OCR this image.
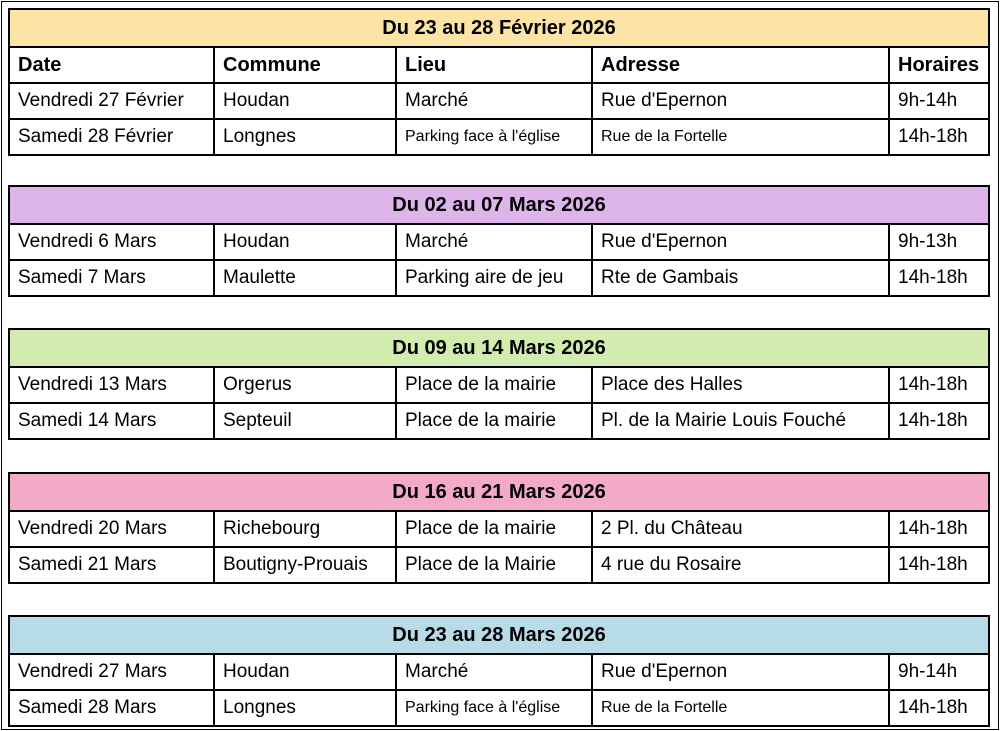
Du 23 au 28 Février 2026
Date	Commune	Lieu	Adresse	Horaires
Vendredi 27 Février	Houdan	Marché	Rue d'Epernon	9h-14h
Samedi 28 Février	Longnes	Parking face à l'église	Rue de la Fortelle	14h-18h
Du 02 au 07 Mars 2026
Vendredi 6 Mars	Houdan	Marché	Rue d'Epernon	9h-13h
Samedi 7 Mars	Maulette	Parking aire de jeu	Rte de Gambais	14h-18h
Du 09 au 14 Mars 2026
Vendredi 13 Mars	Orgerus	Place de la mairie	Place des Halles	14h-18h
Samedi 14 Mars	Septeuil	Place de la mairie	Pl. de la Mairie Louis Fouché	14h-18h
Du 16 au 21 Mars 2026
Vendredi 20 Mars	Richebourg	Place de la mairie	2 Pl. du Château	14h-18h
Samedi 21 Mars	Boutigny-Prouais	Place de la Mairie	4 rue du Rosaire	14h-18h
Du 23 au 28 Mars 2026
Vendredi 27 Mars	Houdan	Marché	Rue d'Epernon	9h-14h
Samedi 28 Mars	Longnes	Parking face à l'église	Rue de la Fortelle	14h-18h
